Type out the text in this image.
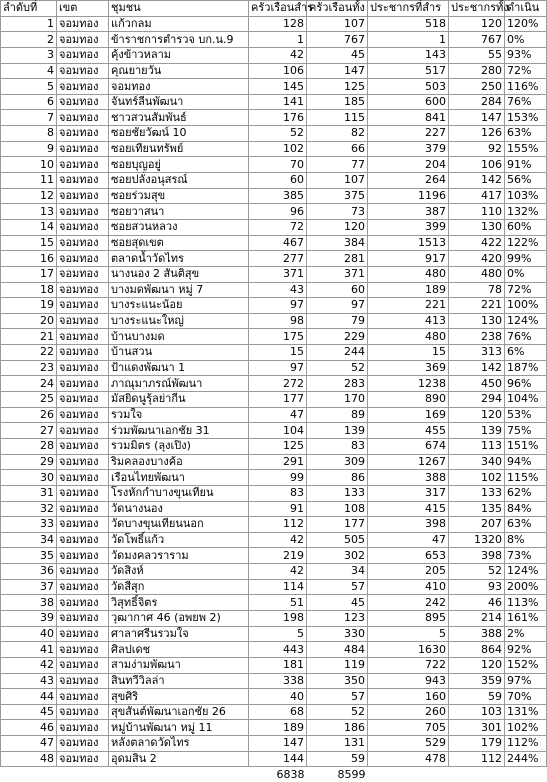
ลำดับที่	เขต	ชุมชน	ครัวเรือนสำร	ครัวเรือนทั้ง	ประชากรที่สำร	ประชากรทั้ง	ดำเนิน
1	จอมทอง	แก้วกลม	128	107	518	120	120%
2	จอมทอง	ข้าราชการตำรวจ บก.น.9	1	767	1	767	0%
3	จอมทอง	คุ้งข้าวหลาม	42	45	143	55	93%
4	จอมทอง	คุณยายวัน	106	147	517	280	72%
5	จอมทอง	จอมทอง	145	125	503	250	116%
6	จอมทอง	จันทร์ลีนพัฒนา	141	185	600	284	76%
7	จอมทอง	ชาวสวนสัมพันธ์	176	115	841	147	153%
8	จอมทอง	ซอยชัยวัฒน์ 10	52	82	227	126	63%
9	จอมทอง	ซอยเทียนทรัพย์	102	66	379	92	155%
10	จอมทอง	ซอยบุญอยู่	70	77	204	106	91%
11	จอมทอง	ซอยปลั่งอนุสรณ์	60	107	264	142	56%
12	จอมทอง	ซอยร่วมสุข	385	375	1196	417	103%
13	จอมทอง	ซอยวาสนา	96	73	387	110	132%
14	จอมทอง	ซอยสวนหลวง	72	120	399	130	60%
15	จอมทอง	ซอยสุดเขต	467	384	1513	422	122%
16	จอมทอง	ตลาดน้ำวัดไทร	277	281	917	420	99%
17	จอมทอง	นางนอง 2 สันติสุข	371	371	480	480	0%
18	จอมทอง	บางมดพัฒนา หมู่ 7	43	60	189	78	72%
19	จอมทอง	บางระแนะน้อย	97	97	221	221	100%
20	จอมทอง	บางระแนะใหญ่	98	79	413	130	124%
21	จอมทอง	บ้านบางมด	175	229	480	238	76%
22	จอมทอง	บ้านสวน	15	244	15	313	6%
23	จอมทอง	ป้าแดงพัฒนา 1	97	52	369	142	187%
24	จอมทอง	ภาณุมาภรณ์พัฒนา	272	283	1238	450	96%
25	จอมทอง	มัสยิดนูรุ้ลย่ากีน	177	170	890	294	104%
26	จอมทอง	รวมใจ	47	89	169	120	53%
27	จอมทอง	ร่วมพัฒนาเอกชัย 31	104	139	455	139	75%
28	จอมทอง	รวมมิตร (ลุงเปิง)	125	83	674	113	151%
29	จอมทอง	ริมคลองบางค้อ	291	309	1267	340	94%
30	จอมทอง	เรือนไทยพัฒนา	99	86	388	102	115%
31	จอมทอง	โรงหักกำบางขุนเทียน	83	133	317	133	62%
32	จอมทอง	วัดนางนอง	91	108	415	135	84%
33	จอมทอง	วัดบางขุนเทียนนอก	112	177	398	207	63%
34	จอมทอง	วัดโพธิ์แก้ว	42	505	47	1320	8%
35	จอมทอง	วัดมงคลวราราม	219	302	653	398	73%
36	จอมทอง	วัดสิงห์	42	34	205	52	124%
37	จอมทอง	วัดสีสุก	114	57	410	93	200%
38	จอมทอง	วิสุทธิ์จิตร	51	45	242	46	113%
39	จอมทอง	วุฒากาศ 46 (อพยพ 2)	198	123	895	214	161%
40	จอมทอง	ศาลาศรีนรวมใจ	5	330	5	388	2%
41	จอมทอง	ศิลปเดช	443	484	1630	864	92%
42	จอมทอง	สามง่ามพัฒนา	181	119	722	120	152%
43	จอมทอง	สินทวีวิลล่า	338	350	943	359	97%
44	จอมทอง	สุขศิริ	40	57	160	59	70%
45	จอมทอง	สุขสันต์พัฒนาเอกชัย 26	68	52	260	103	131%
46	จอมทอง	หมู่บ้านพัฒนา หมู่ 11	189	186	705	301	102%
47	จอมทอง	หลังตลาดวัดไทร	147	131	529	179	112%
48	จอมทอง	อุดมสิน 2	144	59	478	112	244%
			6838	8599			
